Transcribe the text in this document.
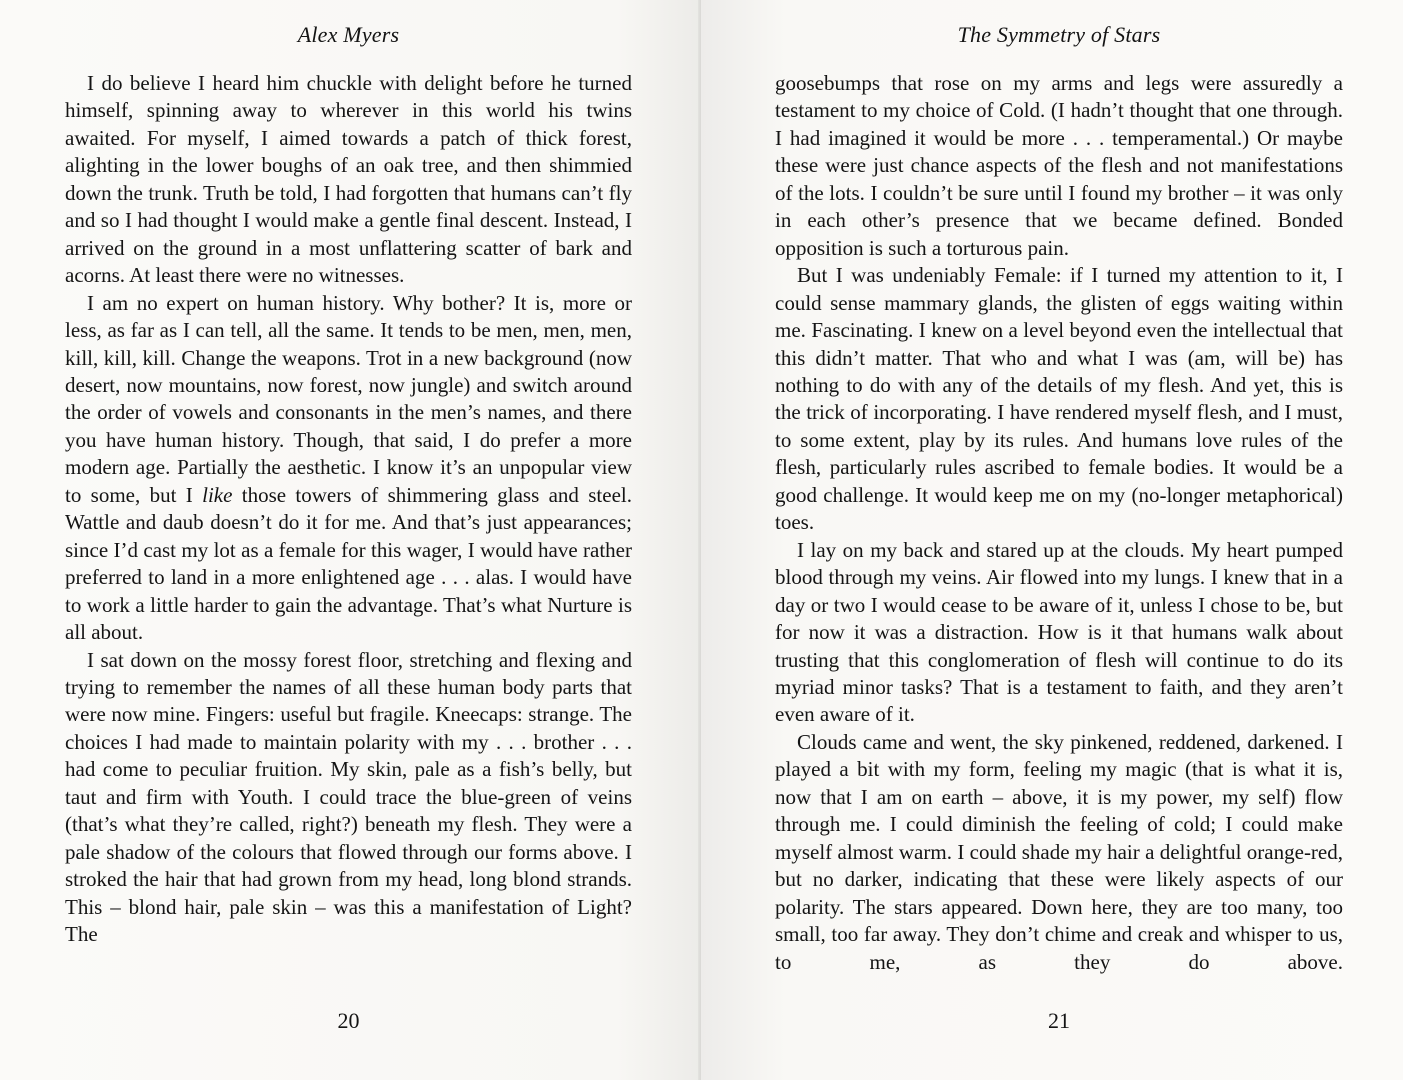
Alex Myers

I do believe I heard him chuckle with delight before he turned himself, spinning away to wherever in this world his twins awaited. For myself, I aimed towards a patch of thick forest, alighting in the lower boughs of an oak tree, and then shimmied down the trunk. Truth be told, I had forgotten that humans can’t fly and so I had thought I would make a gentle final descent. Instead, I arrived on the ground in a most unflattering scatter of bark and acorns. At least there were no witnesses.

I am no expert on human history. Why bother? It is, more or less, as far as I can tell, all the same. It tends to be men, men, men, kill, kill, kill. Change the weapons. Trot in a new background (now desert, now mountains, now forest, now jungle) and switch around the order of vowels and consonants in the men’s names, and there you have human history. Though, that said, I do prefer a more modern age. Partially the aesthetic. I know it’s an unpopular view to some, but I like those towers of shimmering glass and steel. Wattle and daub doesn’t do it for me. And that’s just appearances; since I’d cast my lot as a female for this wager, I would have rather preferred to land in a more enlightened age . . . alas. I would have to work a little harder to gain the advantage. That’s what Nurture is all about.

I sat down on the mossy forest floor, stretching and flexing and trying to remember the names of all these human body parts that were now mine. Fingers: useful but fragile. Kneecaps: strange. The choices I had made to maintain polarity with my . . . brother . . . had come to peculiar fruition. My skin, pale as a fish’s belly, but taut and firm with Youth. I could trace the blue-green of veins (that’s what they’re called, right?) beneath my flesh. They were a pale shadow of the colours that flowed through our forms above. I stroked the hair that had grown from my head, long blond strands. This – blond hair, pale skin – was this a manifestation of Light? The

20
The Symmetry of Stars

goosebumps that rose on my arms and legs were assuredly a testament to my choice of Cold. (I hadn’t thought that one through. I had imagined it would be more . . . temperamental.) Or maybe these were just chance aspects of the flesh and not manifestations of the lots. I couldn’t be sure until I found my brother – it was only in each other’s presence that we became defined. Bonded opposition is such a torturous pain.

But I was undeniably Female: if I turned my attention to it, I could sense mammary glands, the glisten of eggs waiting within me. Fascinating. I knew on a level beyond even the intellectual that this didn’t matter. That who and what I was (am, will be) has nothing to do with any of the details of my flesh. And yet, this is the trick of incorporating. I have rendered myself flesh, and I must, to some extent, play by its rules. And humans love rules of the flesh, particularly rules ascribed to female bodies. It would be a good challenge. It would keep me on my (no-longer metaphorical) toes.

I lay on my back and stared up at the clouds. My heart pumped blood through my veins. Air flowed into my lungs. I knew that in a day or two I would cease to be aware of it, unless I chose to be, but for now it was a distraction. How is it that humans walk about trusting that this conglomeration of flesh will continue to do its myriad minor tasks? That is a testament to faith, and they aren’t even aware of it.

Clouds came and went, the sky pinkened, reddened, darkened. I played a bit with my form, feeling my magic (that is what it is, now that I am on earth – above, it is my power, my self) flow through me. I could diminish the feeling of cold; I could make myself almost warm. I could shade my hair a delightful orange-red, but no darker, indicating that these were likely aspects of our polarity. The stars appeared. Down here, they are too many, too small, too far away. They don’t chime and creak and whisper to us, to me, as they do above.

21
